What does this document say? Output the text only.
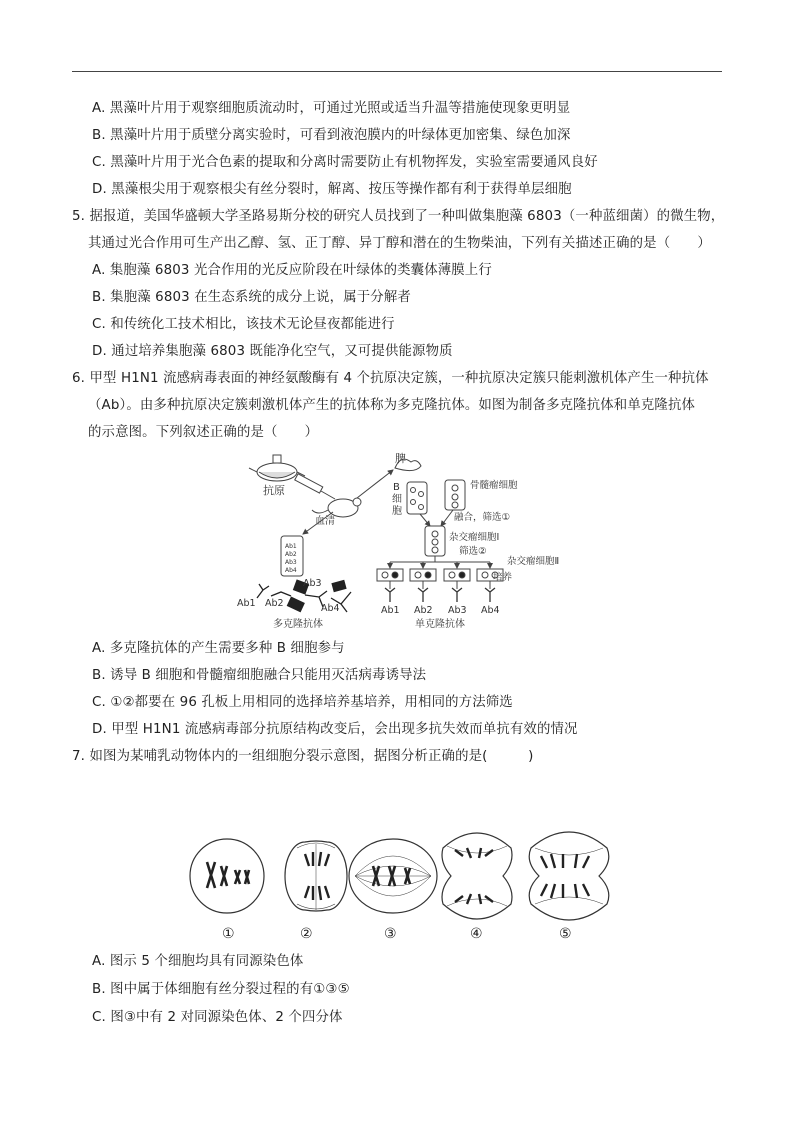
A. 黑藻叶片用于观察细胞质流动时，可通过光照或适当升温等措施使现象更明显
B. 黑藻叶片用于质壁分离实验时，可看到液泡膜内的叶绿体更加密集、绿色加深
C. 黑藻叶片用于光合色素的提取和分离时需要防止有机物挥发，实验室需要通风良好
D. 黑藻根尖用于观察根尖有丝分裂时，解离、按压等操作都有利于获得单层细胞
5. 据报道，美国华盛顿大学圣路易斯分校的研究人员找到了一种叫做集胞藻 6803（一种蓝细菌）的微生物，
其通过光合作用可生产出乙醇、氢、正丁醇、异丁醇和潜在的生物柴油，下列有关描述正确的是（　　）
A. 集胞藻 6803 光合作用的光反应阶段在叶绿体的类囊体薄膜上行
B. 集胞藻 6803 在生态系统的成分上说，属于分解者
C. 和传统化工技术相比，该技术无论昼夜都能进行
D. 通过培养集胞藻 6803 既能净化空气，又可提供能源物质
6. 甲型 H1N1 流感病毒表面的神经氨酸酶有 4 个抗原决定簇，一种抗原决定簇只能刺激机体产生一种抗体
（Ab）。由多种抗原决定簇刺激机体产生的抗体称为多克隆抗体。如图为制备多克隆抗体和单克隆抗体
的示意图。下列叙述正确的是（　　）
抗原
脾
B
细
胞
骨髓瘤细胞
融合，筛选①
杂交瘤细胞Ⅰ
筛选②
杂交瘤细胞Ⅱ
培养
Ab1 Ab2 Ab3 Ab4
单克隆抗体
血清
Ab1
Ab2
Ab3
Ab4
Ab3
Ab1 Ab2	Ab4
多克隆抗体
A. 多克隆抗体的产生需要多种 B 细胞参与
B. 诱导 B 细胞和骨髓瘤细胞融合只能用灭活病毒诱导法
C. ①②都要在 96 孔板上用相同的选择培养基培养，用相同的方法筛选
D. 甲型 H1N1 流感病毒部分抗原结构改变后，会出现多抗失效而单抗有效的情况
7. 如图为某哺乳动物体内的一组细胞分裂示意图，据图分析正确的是(　　　)
①	②	③	④	⑤
A. 图示 5 个细胞均具有同源染色体
B. 图中属于体细胞有丝分裂过程的有①③⑤
C. 图③中有 2 对同源染色体、2 个四分体
